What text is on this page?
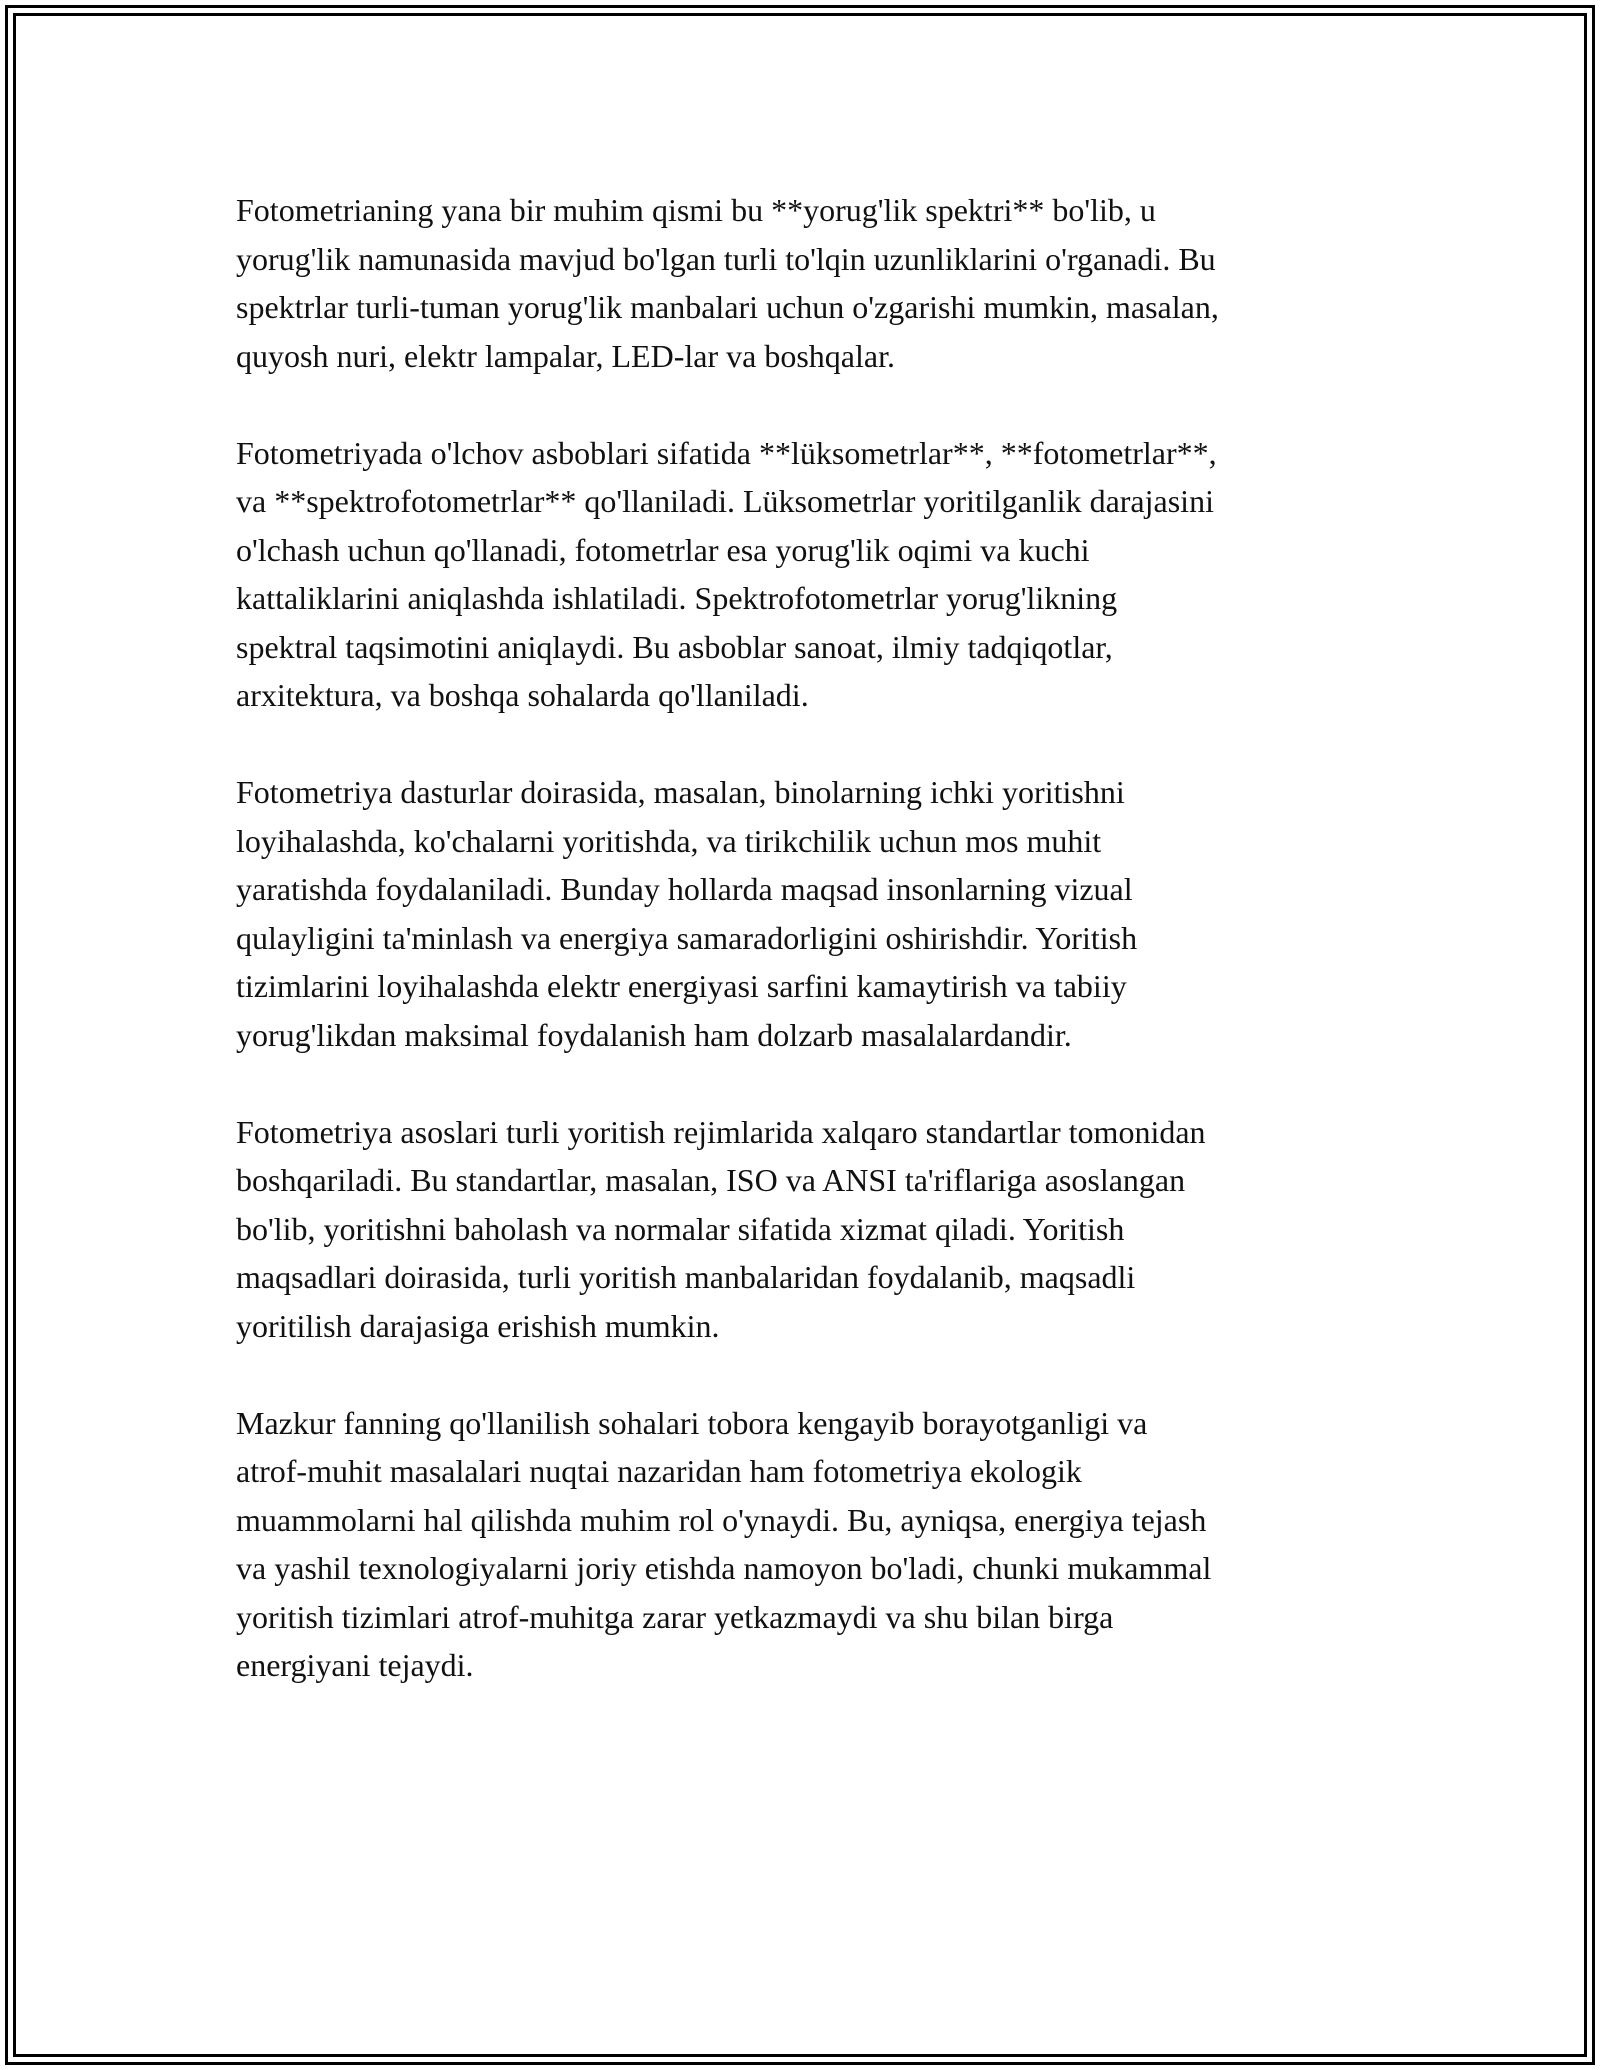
Fotometrianing yana bir muhim qismi bu **yorug'lik spektri** bo'lib, u
yorug'lik namunasida mavjud bo'lgan turli to'lqin uzunliklarini o'rganadi. Bu
spektrlar turli-tuman yorug'lik manbalari uchun o'zgarishi mumkin, masalan,
quyosh nuri, elektr lampalar, LED-lar va boshqalar.

Fotometriyada o'lchov asboblari sifatida **lüksometrlar**, **fotometrlar**,
va **spektrofotometrlar** qo'llaniladi. Lüksometrlar yoritilganlik darajasini
o'lchash uchun qo'llanadi, fotometrlar esa yorug'lik oqimi va kuchi
kattaliklarini aniqlashda ishlatiladi. Spektrofotometrlar yorug'likning
spektral taqsimotini aniqlaydi. Bu asboblar sanoat, ilmiy tadqiqotlar,
arxitektura, va boshqa sohalarda qo'llaniladi.

Fotometriya dasturlar doirasida, masalan, binolarning ichki yoritishni
loyihalashda, ko'chalarni yoritishda, va tirikchilik uchun mos muhit
yaratishda foydalaniladi. Bunday hollarda maqsad insonlarning vizual
qulayligini ta'minlash va energiya samaradorligini oshirishdir. Yoritish
tizimlarini loyihalashda elektr energiyasi sarfini kamaytirish va tabiiy
yorug'likdan maksimal foydalanish ham dolzarb masalalardandir.

Fotometriya asoslari turli yoritish rejimlarida xalqaro standartlar tomonidan
boshqariladi. Bu standartlar, masalan, ISO va ANSI ta'riflariga asoslangan
bo'lib, yoritishni baholash va normalar sifatida xizmat qiladi. Yoritish
maqsadlari doirasida, turli yoritish manbalaridan foydalanib, maqsadli
yoritilish darajasiga erishish mumkin.

Mazkur fanning qo'llanilish sohalari tobora kengayib borayotganligi va
atrof-muhit masalalari nuqtai nazaridan ham fotometriya ekologik
muammolarni hal qilishda muhim rol o'ynaydi. Bu, ayniqsa, energiya tejash
va yashil texnologiyalarni joriy etishda namoyon bo'ladi, chunki mukammal
yoritish tizimlari atrof-muhitga zarar yetkazmaydi va shu bilan birga
energiyani tejaydi.
